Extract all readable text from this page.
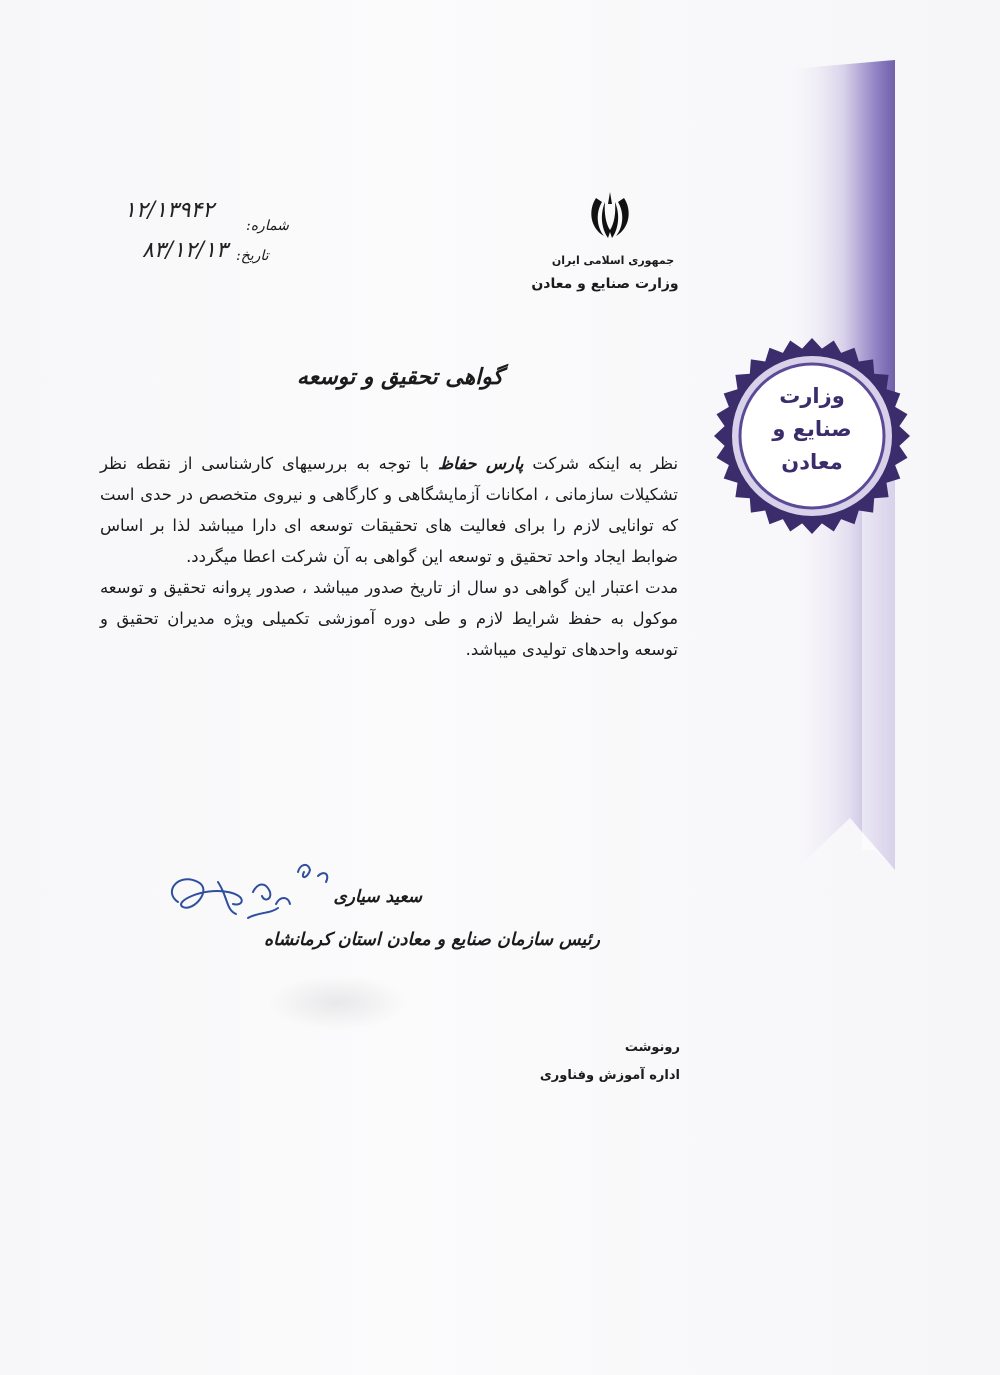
وزارت
صنایع و
معادن
جمهوری اسلامی ایران
وزارت صنایع و معادن
شماره:
۱۲/۱۳۹۴۲
تاریخ:
۸۳/۱۲/۱۳
گواهی تحقیق و توسعه

نظر به اینکه شرکت پارس حفاظ با توجه به بررسیهای کارشناسی از نقطه نظر تشکیلات سازمانی ، امکانات آزمایشگاهی و کارگاهی و نیروی متخصص در حدی است که توانایی لازم را برای فعالیت های تحقیقات توسعه ای دارا میباشد لذا بر اساس ضوابط ایجاد واحد تحقیق و توسعه این گواهی به آن شرکت اعطا میگردد.

مدت اعتبار این گواهی دو سال از تاریخ صدور میباشد ، صدور پروانه تحقیق و توسعه موکول به حفظ شرایط لازم و طی دوره آموزشی تکمیلی ویژه مدیران تحقیق و توسعه واحدهای تولیدی میباشد.

سعید سیاری
رئیس سازمان صنایع و معادن استان کرمانشاه
رونوشت
اداره آموزش وفناوری
